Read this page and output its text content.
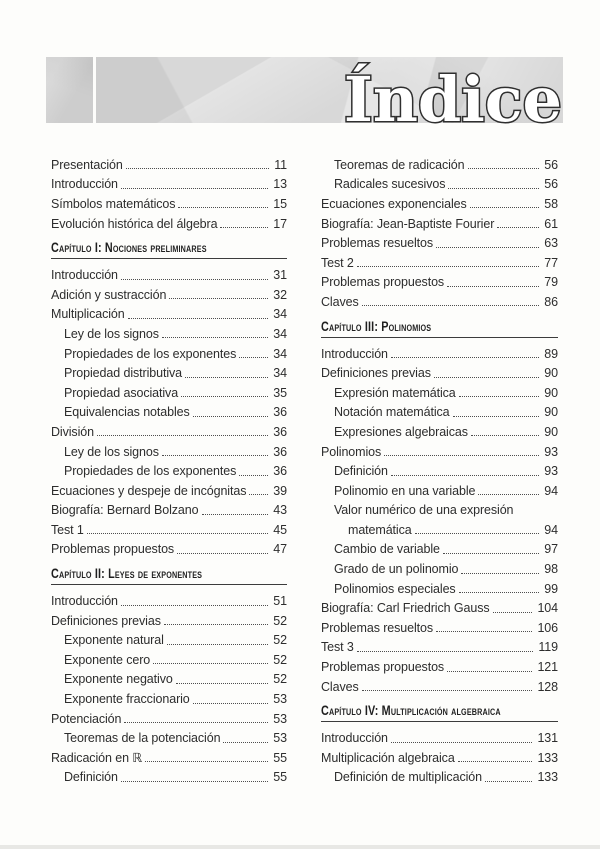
Índice
Presentación	11
Introducción	13
Símbolos matemáticos	15
Evolución histórica del álgebra	17
Capítulo I: Nociones preliminares
Introducción	31
Adición y sustracción	32
Multiplicación	34
Ley de los signos	34
Propiedades de los exponentes	34
Propiedad distributiva	34
Propiedad asociativa	35
Equivalencias notables	36
División	36
Ley de los signos	36
Propiedades de los exponentes	36
Ecuaciones y despeje de incógnitas 39
Biografía: Bernard Bolzano	43
Test 1	45
Problemas propuestos	47
Capítulo II: Leyes de exponentes
Introducción	51
Definiciones previas	52
Exponente natural	52
Exponente cero	52
Exponente negativo	52
Exponente fraccionario	53
Potenciación	53
Teoremas de la potenciación	53
Radicación en ℝ	55
Definición	55
Teoremas de radicación	56
Radicales sucesivos	56
Ecuaciones exponenciales	58
Biografía: Jean-Baptiste Fourier	61
Problemas resueltos	63
Test 2	77
Problemas propuestos	79
Claves	86
Capítulo III: Polinomios
Introducción	89
Definiciones previas	90
Expresión matemática	90
Notación matemática	90
Expresiones algebraicas	90
Polinomios	93
Definición	93
Polinomio en una variable	94
Valor numérico de una expresión
matemática	94
Cambio de variable	97
Grado de un polinomio	98
Polinomios especiales	99
Biografía: Carl Friedrich Gauss	104
Problemas resueltos	106
Test 3	119
Problemas propuestos	121
Claves	128
Capítulo IV: Multiplicación algebraica
Introducción	131
Multiplicación algebraica	133
Definición de multiplicación	133
